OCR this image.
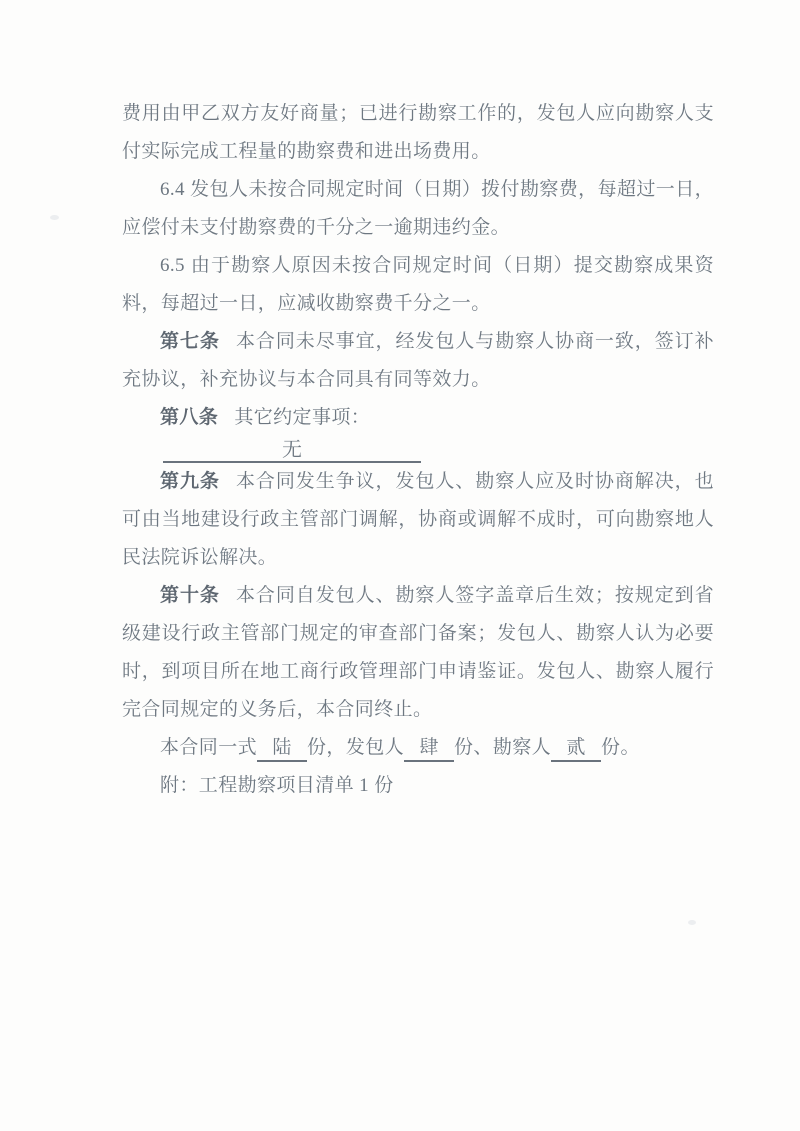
费用由甲乙双方友好商量；已进行勘察工作的，发包人应向勘察人支付实际完成工程量的勘察费和进出场费用。

6.4 发包人未按合同规定时间（日期）拨付勘察费，每超过一日，应偿付未支付勘察费的千分之一逾期违约金。

6.5 由于勘察人原因未按合同规定时间（日期）提交勘察成果资料，每超过一日，应减收勘察费千分之一。

第七条 本合同未尽事宜，经发包人与勘察人协商一致，签订补充协议，补充协议与本合同具有同等效力。

第八条 其它约定事项：

无

第九条 本合同发生争议，发包人、勘察人应及时协商解决，也可由当地建设行政主管部门调解，协商或调解不成时，可向勘察地人民法院诉讼解决。

第十条 本合同自发包人、勘察人签字盖章后生效；按规定到省级建设行政主管部门规定的审查部门备案；发包人、勘察人认为必要时，到项目所在地工商行政管理部门申请鉴证。发包人、勘察人履行完合同规定的义务后，本合同终止。

本合同一式 陆 份，发包人 肆 份、勘察人 贰 份。

附：工程勘察项目清单 1 份
